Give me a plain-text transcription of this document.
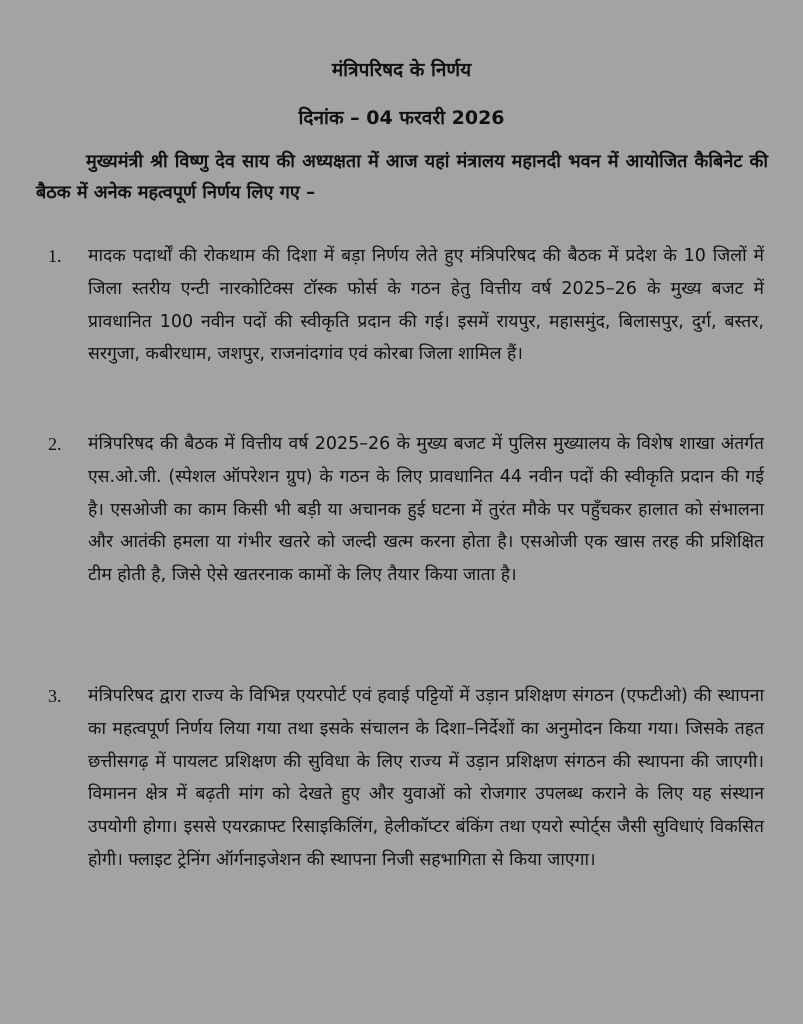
मंत्रिपरिषद के निर्णय
दिनांक – 04 फरवरी 2026
मुख्यमंत्री श्री विष्णु देव साय की अध्यक्षता में आज यहां मंत्रालय महानदी भवन में आयोजित कैबिनेट की बैठक में अनेक महत्वपूर्ण निर्णय लिए गए –
1. मादक पदार्थों की रोकथाम की दिशा में बड़ा निर्णय लेते हुए मंत्रिपरिषद की बैठक में प्रदेश के 10 जिलों में जिला स्तरीय एन्टी नारकोटिक्स टॉस्क फोर्स के गठन हेतु वित्तीय वर्ष 2025–26 के मुख्य बजट में प्रावधानित 100 नवीन पदों की स्वीकृति प्रदान की गई। इसमें रायपुर, महासमुंद, बिलासपुर, दुर्ग, बस्तर, सरगुजा, कबीरधाम, जशपुर, राजनांदगांव एवं कोरबा जिला शामिल हैं।
2. मंत्रिपरिषद की बैठक में वित्तीय वर्ष 2025–26 के मुख्य बजट में पुलिस मुख्यालय के विशेष शाखा अंतर्गत एस.ओ.जी. (स्पेशल ऑपरेशन ग्रुप) के गठन के लिए प्रावधानित 44 नवीन पदों की स्वीकृति प्रदान की गई है। एसओजी का काम किसी भी बड़ी या अचानक हुई घटना में तुरंत मौके पर पहुँचकर हालात को संभालना और आतंकी हमला या गंभीर खतरे को जल्दी खत्म करना होता है। एसओजी एक खास तरह की प्रशिक्षित टीम होती है, जिसे ऐसे खतरनाक कामों के लिए तैयार किया जाता है।
3. मंत्रिपरिषद द्वारा राज्य के विभिन्न एयरपोर्ट एवं हवाई पट्टियों में उड़ान प्रशिक्षण संगठन (एफटीओ) की स्थापना का महत्वपूर्ण निर्णय लिया गया तथा इसके संचालन के दिशा–निर्देशों का अनुमोदन किया गया। जिसके तहत छत्तीसगढ़ में पायलट प्रशिक्षण की सुविधा के लिए राज्य में उड़ान प्रशिक्षण संगठन की स्थापना की जाएगी। विमानन क्षेत्र में बढ़ती मांग को देखते हुए और युवाओं को रोजगार उपलब्ध कराने के लिए यह संस्थान उपयोगी होगा। इससे एयरक्राफ्ट रिसाइकिलिंग, हेलीकॉप्टर बंकिंग तथा एयरो स्पोर्ट्स जैसी सुविधाएं विकसित होगी। फ्लाइट ट्रेनिंग ऑर्गनाइजेशन की स्थापना निजी सहभागिता से किया जाएगा।
